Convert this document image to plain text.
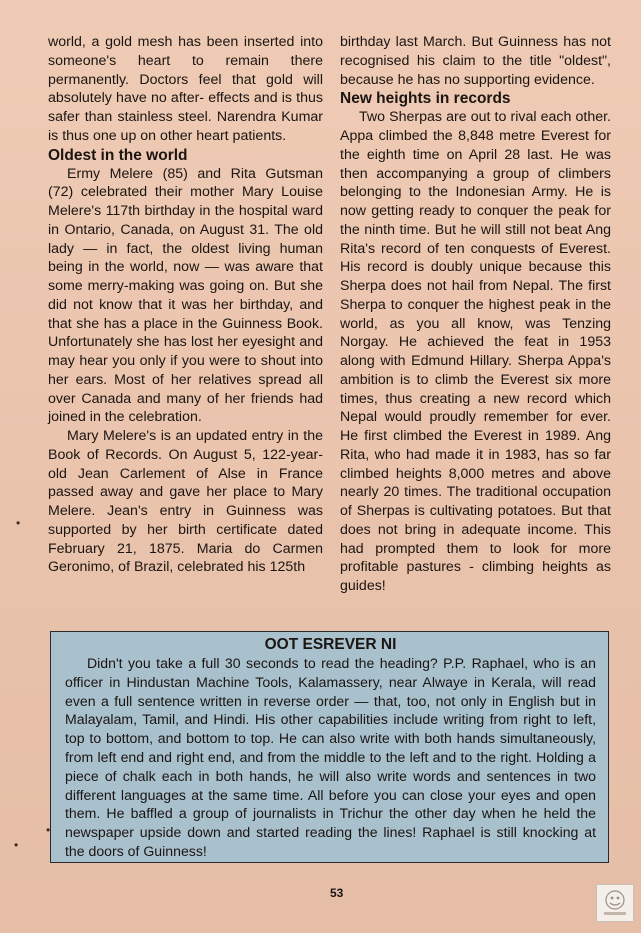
world, a gold mesh has been inserted into someone's heart to remain there permanently. Doctors feel that gold will absolutely have no after- effects and is thus safer than stainless steel. Narendra Kumar is thus one up on other heart patients.

Oldest in the world

Ermy Melere (85) and Rita Gutsman (72) celebrated their mother Mary Louise Melere's 117th birthday in the hospital ward in Ontario, Canada, on August 31. The old lady — in fact, the oldest living human being in the world, now — was aware that some merry-making was going on. But she did not know that it was her birthday, and that she has a place in the Guinness Book. Unfortunately she has lost her eyesight and may hear you only if you were to shout into her ears. Most of her relatives spread all over Canada and many of her friends had joined in the celebration.

Mary Melere's is an updated entry in the Book of Records. On August 5, 122-year-old Jean Carlement of Alse in France passed away and gave her place to Mary Melere. Jean's entry in Guinness was supported by her birth certificate dated February 21, 1875. Maria do Carmen Geronimo, of Brazil, celebrated his 125th

birthday last March. But Guinness has not recognised his claim to the title "oldest", because he has no supporting evidence.

New heights in records

Two Sherpas are out to rival each other. Appa climbed the 8,848 metre Everest for the eighth time on April 28 last. He was then accompanying a group of climbers belonging to the Indonesian Army. He is now getting ready to conquer the peak for the ninth time. But he will still not beat Ang Rita's record of ten conquests of Everest. His record is doubly unique because this Sherpa does not hail from Nepal. The first Sherpa to conquer the highest peak in the world, as you all know, was Tenzing Norgay. He achieved the feat in 1953 along with Edmund Hillary. Sherpa Appa's ambition is to climb the Everest six more times, thus creating a new record which Nepal would proudly remember for ever. He first climbed the Everest in 1989. Ang Rita, who had made it in 1983, has so far climbed heights 8,000 metres and above nearly 20 times. The traditional occupation of Sherpas is cultivating potatoes. But that does not bring in adequate income. This had prompted them to look for more profitable pastures - climbing heights as guides!

OOT ESREVER NI

Didn't you take a full 30 seconds to read the heading? P.P. Raphael, who is an officer in Hindustan Machine Tools, Kalamassery, near Alwaye in Kerala, will read even a full sentence written in reverse order — that, too, not only in English but in Malayalam, Tamil, and Hindi. His other capabilities include writing from right to left, top to bottom, and bottom to top. He can also write with both hands simultaneously, from left end and right end, and from the middle to the left and to the right. Holding a piece of chalk each in both hands, he will also write words and sentences in two different languages at the same time. All before you can close your eyes and open them. He baffled a group of journalists in Trichur the other day when he held the newspaper upside down and started reading the lines! Raphael is still knocking at the doors of Guinness!

53
•
•
•
